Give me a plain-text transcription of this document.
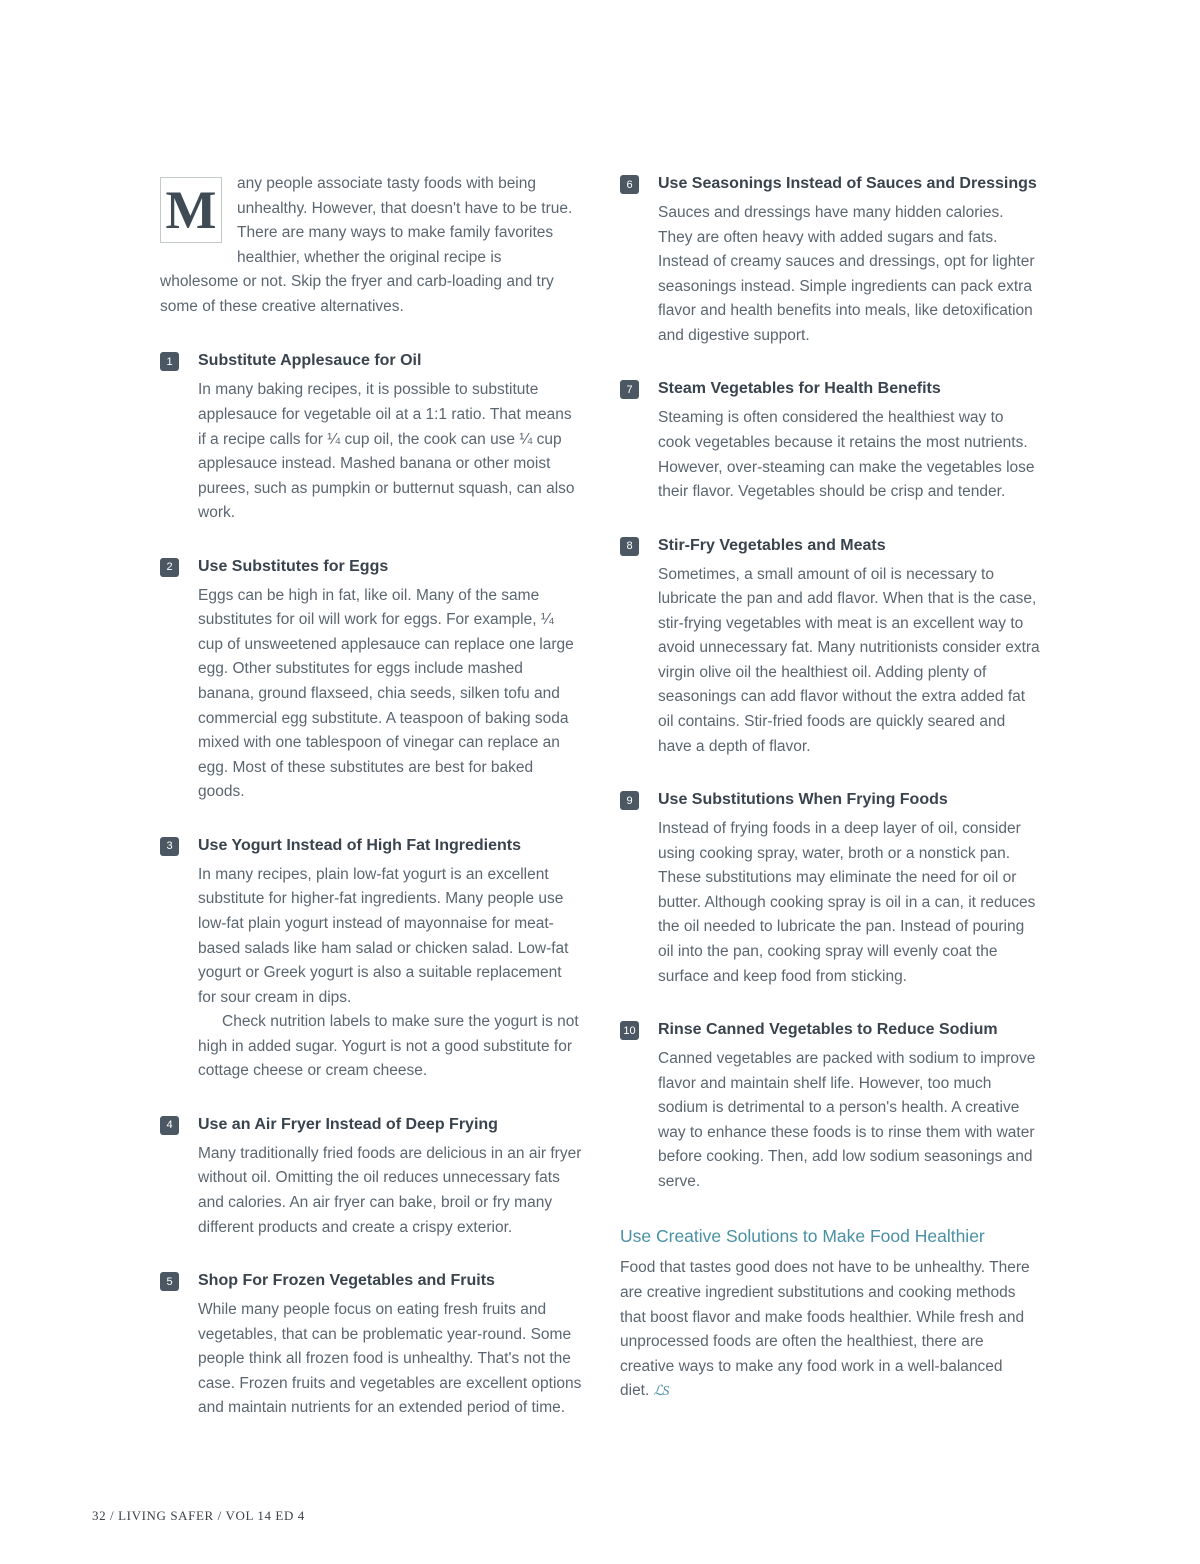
M	any people associate tasty foods with being unhealthy. However, that doesn't have to be true. There are many ways to make family favorites healthier, whether the original recipe is wholesome or not. Skip the fryer and carb-loading and try some of these creative alternatives.

1	Substitute Applesauce for Oil

In many baking recipes, it is possible to substitute applesauce for vegetable oil at a 1:1 ratio. That means if a recipe calls for ¼ cup oil, the cook can use ¼ cup applesauce instead. Mashed banana or other moist purees, such as pumpkin or butternut squash, can also work.

2	Use Substitutes for Eggs

Eggs can be high in fat, like oil. Many of the same substitutes for oil will work for eggs. For example, ¼ cup of unsweetened applesauce can replace one large egg. Other substitutes for eggs include mashed banana, ground flaxseed, chia seeds, silken tofu and commercial egg substitute. A teaspoon of baking soda mixed with one tablespoon of vinegar can replace an egg. Most of these substitutes are best for baked goods.

3	Use Yogurt Instead of High Fat Ingredients

In many recipes, plain low-fat yogurt is an excellent substitute for higher-fat ingredients. Many people use low-fat plain yogurt instead of mayonnaise for meat-based salads like ham salad or chicken salad. Low-fat yogurt or Greek yogurt is also a suitable replacement for sour cream in dips.

Check nutrition labels to make sure the yogurt is not high in added sugar. Yogurt is not a good substitute for cottage cheese or cream cheese.

4	Use an Air Fryer Instead of Deep Frying

Many traditionally fried foods are delicious in an air fryer without oil. Omitting the oil reduces unnecessary fats and calories. An air fryer can bake, broil or fry many different products and create a crispy exterior.

5	Shop For Frozen Vegetables and Fruits

While many people focus on eating fresh fruits and vegetables, that can be problematic year-round. Some people think all frozen food is unhealthy. That's not the case. Frozen fruits and vegetables are excellent options and maintain nutrients for an extended period of time.

6	Use Seasonings Instead of Sauces and Dressings

Sauces and dressings have many hidden calories. They are often heavy with added sugars and fats. Instead of creamy sauces and dressings, opt for lighter seasonings instead. Simple ingredients can pack extra flavor and health benefits into meals, like detoxification and digestive support.

7	Steam Vegetables for Health Benefits

Steaming is often considered the healthiest way to cook vegetables because it retains the most nutrients. However, over-steaming can make the vegetables lose their flavor. Vegetables should be crisp and tender.

8	Stir-Fry Vegetables and Meats

Sometimes, a small amount of oil is necessary to lubricate the pan and add flavor. When that is the case, stir-frying vegetables with meat is an excellent way to avoid unnecessary fat. Many nutritionists consider extra virgin olive oil the healthiest oil. Adding plenty of seasonings can add flavor without the extra added fat oil contains. Stir-fried foods are quickly seared and have a depth of flavor.

9	Use Substitutions When Frying Foods

Instead of frying foods in a deep layer of oil, consider using cooking spray, water, broth or a nonstick pan. These substitutions may eliminate the need for oil or butter. Although cooking spray is oil in a can, it reduces the oil needed to lubricate the pan. Instead of pouring oil into the pan, cooking spray will evenly coat the surface and keep food from sticking.

10 Rinse Canned Vegetables to Reduce Sodium

Canned vegetables are packed with sodium to improve flavor and maintain shelf life. However, too much sodium is detrimental to a person's health. A creative way to enhance these foods is to rinse them with water before cooking. Then, add low sodium seasonings and serve.

Use Creative Solutions to Make Food Healthier

Food that tastes good does not have to be unhealthy. There are creative ingredient substitutions and cooking methods that boost flavor and make foods healthier. While fresh and unprocessed foods are often the healthiest, there are creative ways to make any food work in a well-balanced diet. ℒS

32 / LIVING SAFER / VOL 14 ED 4
